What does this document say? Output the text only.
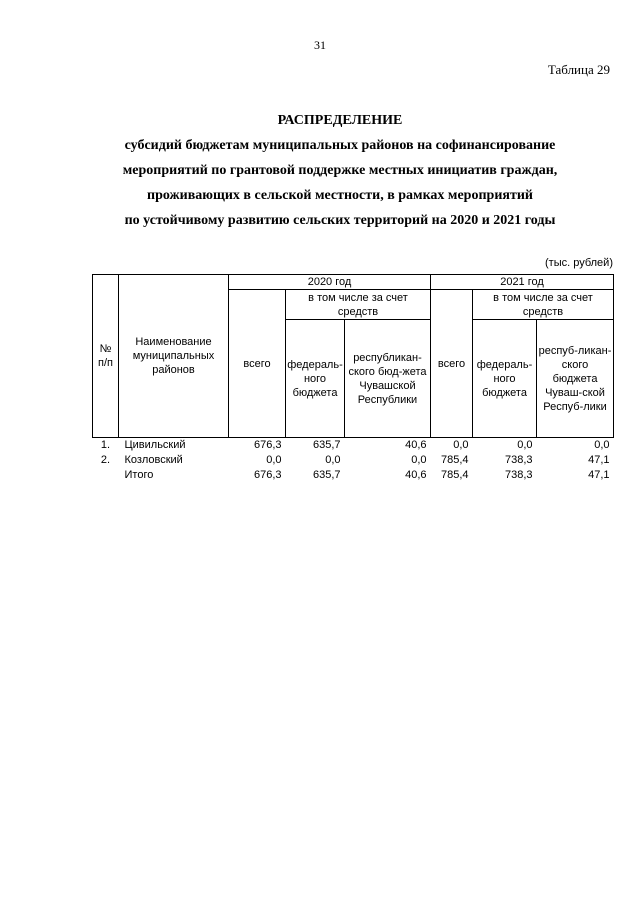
31
Таблица 29
РАСПРЕДЕЛЕНИЕ
субсидий бюджетам муниципальных районов на софинансирование
мероприятий по грантовой поддержке местных инициатив граждан,
проживающих в сельской местности, в рамках мероприятий
по устойчивому развитию сельских территорий на 2020 и 2021 годы
(тыс. рублей)
№ п/п	Наименование муниципальных районов	2020 год			2021 год		
		всего	в том числе за счет средств		всего	в том числе за счет средств	
			федераль-ного бюджета	республикан-ского бюд-жета Чувашской Республики		федераль-ного бюджета	респуб-ликан-ского бюджета Чуваш-ской Респуб-лики
1.	Цивильский	676,3	635,7	40,6	0,0	0,0	0,0
2.	Козловский	0,0	0,0	0,0	785,4	738,3	47,1
	Итого	676,3	635,7	40,6	785,4	738,3	47,1
